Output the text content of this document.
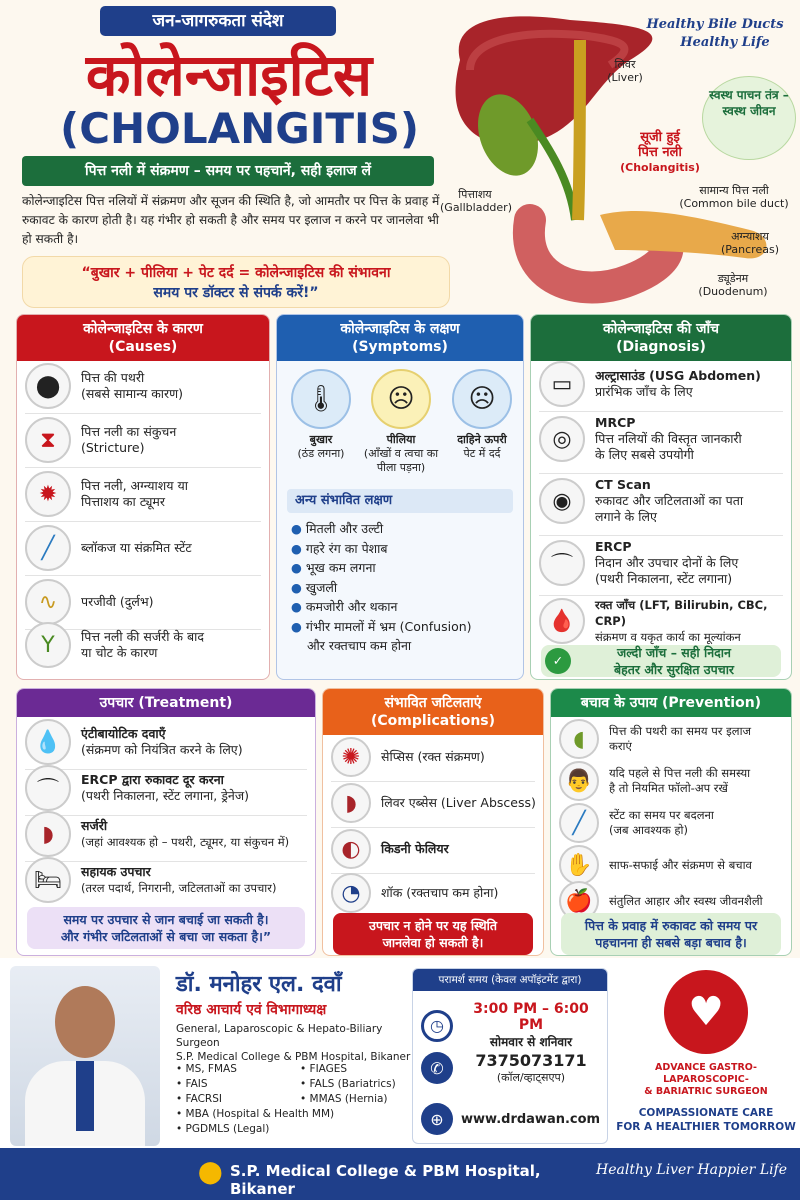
जन-जागरुकता संदेश
कोलेन्जाइटिस
(CHOLANGITIS)
पित्त नली में संक्रमण – समय पर पहचानें, सही इलाज लें
कोलेन्जाइटिस पित्त नलियों में संक्रमण और सूजन की स्थिति है, जो आमतौर पर पित्त के प्रवाह में रुकावट के कारण होती है। यह गंभीर हो सकती है और समय पर इलाज न करने पर जानलेवा भी हो सकती है।
“बुखार + पीलिया + पेट दर्द = कोलेन्जाइटिस की संभावना
समय पर डॉक्टर से संपर्क करें!”
Healthy Bile Ducts
Healthy Life
लिवर
(Liver)
स्वस्थ पाचन तंत्र – स्वस्थ जीवन
सूजी हुई
पित्त नली
(Cholangitis)
पित्ताशय
(Gallbladder)
सामान्य पित्त नली
(Common bile duct)
अग्न्याशय
(Pancreas)
ड्यूडेनम
(Duodenum)
कोलेन्जाइटिस के कारण
(Causes)
⬤	पित्त की पथरी
(सबसे सामान्य कारण)
⧗	पित्त नली का संकुचन
(Stricture)
✹	पित्त नली, अग्न्याशय या
पित्ताशय का ट्यूमर
╱	ब्लॉकज या संक्रमित स्टेंट
∿	परजीवी (दुर्लभ)
Y	पित्त नली की सर्जरी के बाद
या चोट के कारण
कोलेन्जाइटिस के लक्षण
(Symptoms)
🌡
बुखार
(ठंड लगना)
☹
पीलिया
(आँखों व त्वचा का पीला पड़ना)
☹
दाहिने ऊपरी
पेट में दर्द
अन्य संभावित लक्षण
● मितली और उल्टी
● गहरे रंग का पेशाब
● भूख कम लगना
● खुजली
● कमजोरी और थकान
● गंभीर मामलों में भ्रम (Confusion)
और रक्तचाप कम होना
कोलेन्जाइटिस की जाँच
(Diagnosis)
▭	अल्ट्रासाउंड (USG Abdomen)
प्रारंभिक जाँच के लिए
◎
MRCP
पित्त नलियों की विस्तृत जानकारी
के लिए सबसे उपयोगी
◉
CT Scan
रुकावट और जटिलताओं का पता
लगाने के लिए
⌒
ERCP
निदान और उपचार दोनों के लिए
(पथरी निकालना, स्टेंट लगाना)
🩸
रक्त जाँच (LFT, Bilirubin, CBC, CRP)
संक्रमण व यकृत कार्य का मूल्यांकन
✓
जल्दी जाँच – सही निदान
बेहतर और सुरक्षित उपचार
उपचार (Treatment)
💧	एंटीबायोटिक दवाएँ
(संक्रमण को नियंत्रित करने के लिए)
⌒	ERCP द्वारा रुकावट दूर करना
(पथरी निकालना, स्टेंट लगाना, ड्रेनेज)
◗	सर्जरी
(जहां आवश्यक हो – पथरी, ट्यूमर, या संकुचन में)
🛏	सहायक उपचार
(तरल पदार्थ, निगरानी, जटिलताओं का उपचार)
समय पर उपचार से जान बचाई जा सकती है।
और गंभीर जटिलताओं से बचा जा सकता है।”
संभावित जटिलताएं
(Complications)
✺	सेप्सिस (रक्त संक्रमण)
◗	लिवर एब्सेस (Liver Abscess)
◐	किडनी फेलियर
◔	शॉक (रक्तचाप कम होना)
उपचार न होने पर यह स्थिति
जानलेवा हो सकती है।
बचाव के उपाय (Prevention)
◖	पित्त की पथरी का समय पर इलाज
कराएं
👨	यदि पहले से पित्त नली की समस्या
है तो नियमित फॉलो-अप रखें
╱	स्टेंट का समय पर बदलना
(जब आवश्यक हो)
✋	साफ-सफाई और संक्रमण से बचाव
🍎	संतुलित आहार और स्वस्थ जीवनशैली
पित्त के प्रवाह में रुकावट को समय पर
पहचानना ही सबसे बड़ा बचाव है।
डॉ. मनोहर एल. दवाँ
वरिष्ठ आचार्य एवं विभागाध्यक्ष
General, Laparoscopic & Hepato-Biliary Surgeon
S.P. Medical College & PBM Hospital, Bikaner
• MS, FMAS
• FAIS
• FACRSI
• MBA (Hospital & Health MM)
• PGDMLS (Legal)
• FIAGES
• FALS (Bariatrics)
• MMAS (Hernia)
परामर्श समय (केवल अपॉइंटमेंट द्वारा)
◷
3:00 PM – 6:00 PM
सोमवार से शनिवार
✆	7375073171
(कॉल/व्हाट्सएप)
⊕	www.drdawan.com
♥
ADVANCE GASTRO-LAPAROSCOPIC-
& BARIATRIC SURGEON
COMPASSIONATE CARE
FOR A HEALTHIER TOMORROW
⬤ S.P. Medical College & PBM Hospital, Bikaner
Healthy Liver Happier Life
